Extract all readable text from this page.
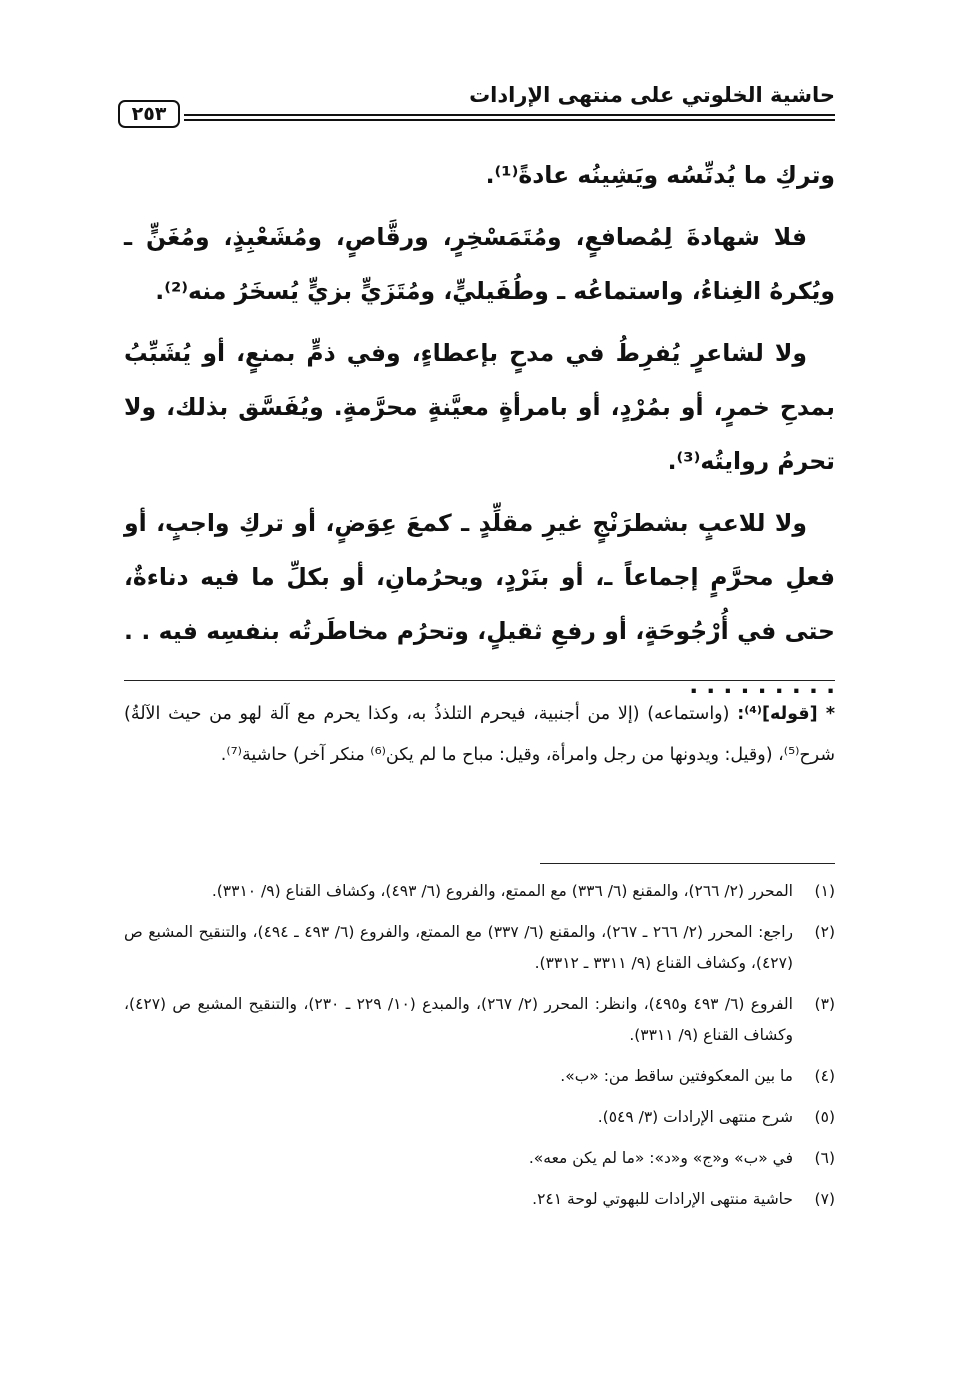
حاشية الخلوتي على منتهى الإرادات
٢٥٣

وتركِ ما يُدنِّسُه ويَشِينُه عادةً⁽¹⁾.

فلا شهادةَ لِمُصافعٍ، ومُتَمَسْخِرٍ، ورقَّاصٍ، ومُشَعْبِذٍ، ومُغَنٍّ ـ ويُكرهُ الغِناءُ، واستماعُه ـ وطُفَيليٍّ، ومُتَزَيٍّ بزيٍّ يُسخَرُ منه⁽²⁾.

ولا لشاعرٍ يُفرِطُ في مدحٍ بإعطاءٍ، وفي ذمٍّ بمنعٍ، أو يُشَبِّبُ بمدحِ خمرٍ، أو بمُرْدٍ، أو بامرأةٍ معيَّنةٍ محرَّمةٍ. ويُفَسَّق بذلك، ولا تحرمُ روايتُه⁽³⁾.

ولا للاعبٍ بشطرَنْجٍ غيرِ مقلِّدٍ ـ كمعَ عِوَضٍ، أو تركِ واجبٍ، أو فعلِ محرَّمٍ إجماعاً ـ، أو بنَرْدٍ، ويحرُمانِ، أو بكلِّ ما فيه دناءةٌ، حتى في أُرْجُوحَةٍ، أو رفعِ ثقيلٍ، وتحرُم مخاطَرتُه بنفسِه فيه . . . . . . . . . . .

* [قوله]⁽⁴⁾: (واستماعه) (إلا من أجنبية، فيحرم التلذذُ به، وكذا يحرم مع آلة لهو من حيث الآلةُ) شرح⁽⁵⁾، (وقيل: ويدونها من رجل وامرأة، وقيل: مباح ما لم يكن⁽⁶⁾ منكر آخر) حاشية⁽⁷⁾.

(١)
المحرر (٢/ ٢٦٦)، والمقنع (٦/ ٣٣٦) مع الممتع، والفروع (٦/ ٤٩٣)، وكشاف القناع (٩/ ٣٣١٠).
(٢)
راجع: المحرر (٢/ ٢٦٦ ـ ٢٦٧)، والمقنع (٦/ ٣٣٧) مع الممتع، والفروع (٦/ ٤٩٣ ـ ٤٩٤)، والتنقيح المشبع ص (٤٢٧)، وكشاف القناع (٩/ ٣٣١١ ـ ٣٣١٢).
(٣)
الفروع (٦/ ٤٩٣ و٤٩٥)، وانظر: المحرر (٢/ ٢٦٧)، والمبدع (١٠/ ٢٢٩ ـ ٢٣٠)، والتنقيح المشبع ص (٤٢٧)، وكشاف القناع (٩/ ٣٣١١).
(٤)
ما بين المعكوفتين ساقط من: «ب».
(٥)
شرح منتهى الإرادات (٣/ ٥٤٩).
(٦)
في «ب» و«ج» و«د»: «ما لم يكن معه».
(٧)
حاشية منتهى الإرادات للبهوتي لوحة ٢٤١.
